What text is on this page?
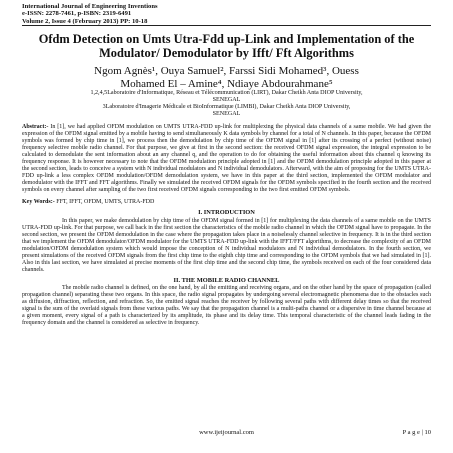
International Journal of Engineering Inventions
e-ISSN: 2278-7461, p-ISBN: 2319-6491
Volume 2, Issue 4 (February 2013) PP: 10-18
Ofdm Detection on Umts Utra-Fdd up-Link and Implementation of the Modulator/ Demodulator by Ifft/ Fft Algorithms
Ngom Agnès¹, Ouya Samuel², Farssi Sidi Mohamed³, Ouess
Mohamed El – Amine⁴, Ndiaye Abdourahmane⁵
1,2,4,5Laboratoire d'Informatique, Réseau et Télécommunication (LIRT), Dakar Cheikh Anta DIOP University,
SENEGAL
3Laboratoire d'Imagerie Médicale et BioInformatique (LIMBI), Dakar Cheikh Anta DIOP University,
SENEGAL
Abstract:- In [1], we had applied OFDM modulation on UMTS UTRA-FDD up-link for multiplexing the physical data channels of a same mobile. We had given the expression of the OFDM signal emitted by a mobile having to send simultaneously K data symbols by channel for a total of N channels. In this paper, because the OFDM symbols was formed by chip time in [1], we process then the demodulation by chip time of the OFDM signal in [1] after its crossing of a perfect (without noise) frequency selective mobile radio channel. For that purpose, we give at first in the second section: the received OFDM signal expression, the integral expression to be calculated to demodulate the sent information about an any channel q, and the operation to do for obtaining the useful information about this channel q knowing its frequency response. It is however necessary to note that the OFDM modulation principle adopted in [1] and the OFDM demodulation principle adopted in this paper at the second section, leads to conceive a system with N individual modulators and N individual demodulators. Afterward, with the aim of proposing for the UMTS UTRA-FDD up-link a less complex OFDM modulation/OFDM demodulation system, we have in this paper at the third section, implemented the OFDM modulator and demodulator with the IFFT and FFT algorithms. Finally we simulated the received OFDM signals for the OFDM symbols specified in the fourth section and the received symbols on every channel after sampling of the two first received OFDM signals corresponding to the two first emitted OFDM symbols.
Key Words:- FFT, IFFT, OFDM, UMTS, UTRA-FDD
I. INTRODUCTION
In this paper, we make demodulation by chip time of the OFDM signal formed in [1] for multiplexing the data channels of a same mobile on the UMTS UTRA-FDD up-link. For that purpose, we call back in the first section the characteristics of the mobile radio channel in which the OFDM signal have to propagate. In the second section, we present the OFDM demodulation in the case where the propagation takes place in a noiselessly channel selective in frequency. It is in the third section that we implement the OFDM demodulator/OFDM modulator for the UMTS UTRA-FDD up-link with the IFFT/FFT algorithms, to decrease the complexity of an OFDM modulation/OFDM demodulation system which would impose the conception of N individual modulators and N individual demodulators. In the fourth section, we present simulations of the received OFDM signals from the first chip time to the eighth chip time and corresponding to the OFDM symbols that we had simulated in [1]. Also in this last section, we have simulated at precise moments of the first chip time and the second chip time, the symbols received on each of the four considered data channels.
II. THE MOBILE RADIO CHANNEL
The mobile radio channel is defined, on the one hand, by all the emitting and receiving organs, and on the other hand by the space of propagation (called propagation channel) separating these two organs. In this space, the radio signal propagates by undergoing several electromagnetic phenomena due to the obstacles such as diffusion, diffraction, reflection, and refraction. So, the emitted signal reaches the receiver by following several paths with different delay times so that the received signal is the sum of the overlaid signals from these various paths. We say that the propagation channel is a multi-paths channel or a dispersive in time channel because at a given moment, every signal of a path is characterized by its amplitude, its phase and its delay time. This temporal characteristic of the channel leads fading in the frequency domain and the channel is considered as selective in frequency.
www.ijeijournal.com	P a g e | 10
